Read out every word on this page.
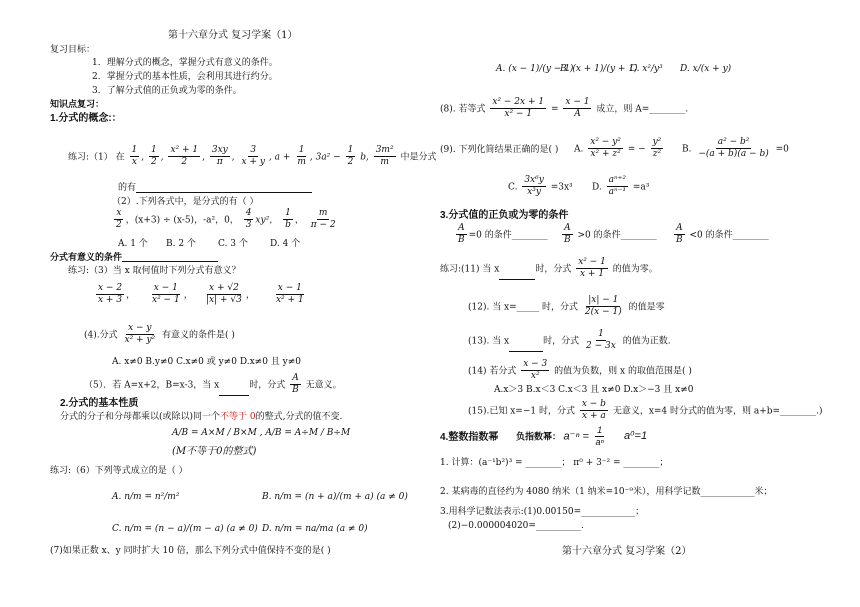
第十六章分式 复习学案（1）
复习目标：
1．理解分式的概念，掌握分式有意义的条件。
2．掌握分式的基本性质，会利用其进行约分。
3．了解分式值的正负或为零的条件。
知识点复习：
1.分式的概念:：
练习:（1） 在 $\frac{1}{x}$ , $\frac{1}{2}$ , $\frac{\text{x² + 1}}{2}$ , $\frac{3xy}{\pi}$ , $\frac{3}{x + y}$ , $a + \frac{1}{m}$ , $3a^2 - \frac{1}{2} b$, $\frac{\text{3m²}}{m}$ 中是分式
的有
（2）.下列各式中，是分式的有（ ）
$\frac{x}{2}$ ，(x+3) ÷ (x-5)，-a²，0， $\frac{4}{3} xy^2$， $\frac{1}{b}$ ， $\frac{m}{\pi - 2}$
A. 1 个 B. 2 个 C. 3 个 D. 4 个
分式有意义的条件
练习:（3）当 x 取何值时下列分式有意义？
$\frac{x - 2}{x + 3}$ ， $\frac{x - 1}{\text{x² − 1}}$ ， $\frac{x + √2}{|x| + √3}$ ， $\frac{x - 1}{\text{x² + 1}}$
(4).分式 $\frac{x - y}{\text{x² + y²}}$ 有意义的条件是( )
A. x≠0 B.y≠0 C.x≠0 或 y≠0 D.x≠0 且 y≠0
（5）．若 A=x+2，B=x-3，当 x	时，分式 $\frac{A}{B}$ 无意义。
2.分式的基本性质
分式的分子和分母都乘以(或除以)同一个不等于 0的整式,分式的值不变.
A/B = A×M / B×M , A/B = A÷M / B÷M
(M不等于0的整式)
练习:（6）下列等式成立的是（ ）
A. n/m = n²/m²	B. n/m = (n + a)/(m + a) (a ≠ 0)
C. n/m = (n − a)/(m − a) (a ≠ 0) D. n/m = na/ma (a ≠ 0)
(7)如果正数 x、y 同时扩大 10 倍，那么下列分式中值保持不变的是( )
A. (x − 1)/(y − 1)
B. (x + 1)/(y + 1)
C. x²/y³ D. x/(x + y)
(8). 若等式 $\frac{\text{x² − 2x + 1}}{\text{x² − 1}} = \frac{x - 1}{A}$ 成立，则 A=________.
(9). 下列化简结果正确的是( ) A. $\frac{\text{x² − y²}}{\text{x² + z²}}$ = − $\frac{\text{y²}}{\text{z²}} B$. $\frac{\text{a² − b²}}{-(a + b)(a - b)} =0$
C. $\frac{\text{3x⁶y}}{\text{x³y}} =3x^3$ D. $\frac{\text{aⁿ⁺²}}{\text{aⁿ⁻¹}} =a^3$
3.分式值的正负或为零的条件
$\frac{A}{B} =0$ 的条件________ $\frac{A}{B} >0$ 的条件________ $\frac{A}{B} <0$ 的条件________
练习:(11) 当 x	时，分式 $\frac{\text{x² − 1}}{x + 1}$ 的值为零。
(12). 当 x=_____ 时，分式 $\frac{|x| - 1}{2(x - 1)}$ 的值是零
(13). 当 x	时，分式 $\frac{1}{2 - 3x}$ 的值为正数.
(14) 若分式 $\frac{x - 3}{\text{x²}}$ 的值为负数，则 x 的取值范围是( )
A.x＞3 B.x＜3 C.x＜3 且 x≠0 D.x＞−3 且 x≠0
(15).已知 x=−1 时，分式 $\frac{x - b}{x + a}$ 无意义，x=4 时分式的值为零，则 a+b=________.)
4.整数指数幂 负指数幂： $a^{-n} = \frac{1}{\text{aⁿ}} a^0=1$
1. 计算：(a⁻¹b²)³ = ________； π⁰ + 3⁻² = ________；
2. 某病毒的直径约为 4080 纳米（1 纳米=10⁻⁹米），用科学记数____________米；
3.用科学记数法表示:(1)0.00150=____________；
(2)−0.000004020=__________.
第十六章分式 复习学案（2）
